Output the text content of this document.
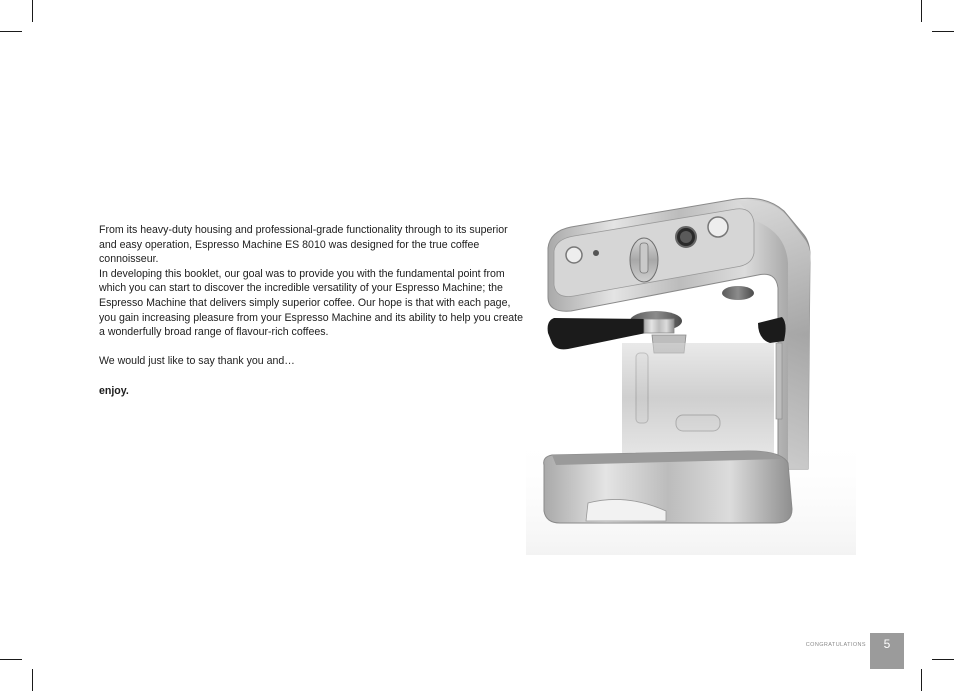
From its heavy-duty housing and professional-grade functionality through to its superior and easy operation, Espresso Machine ES 8010 was designed for the true coffee connoisseur.

In developing this booklet, our goal was to provide you with the fundamental point from which you can start to discover the incredible versatility of your Espresso Machine; the Espresso Machine that delivers simply superior coffee. Our hope is that with each page, you gain increasing pleasure from your Espresso Machine and its ability to help you create a wonderfully broad range of flavour-rich coffees.

We would just like to say thank you and…

enjoy.

CONGRATULATIONS	5
